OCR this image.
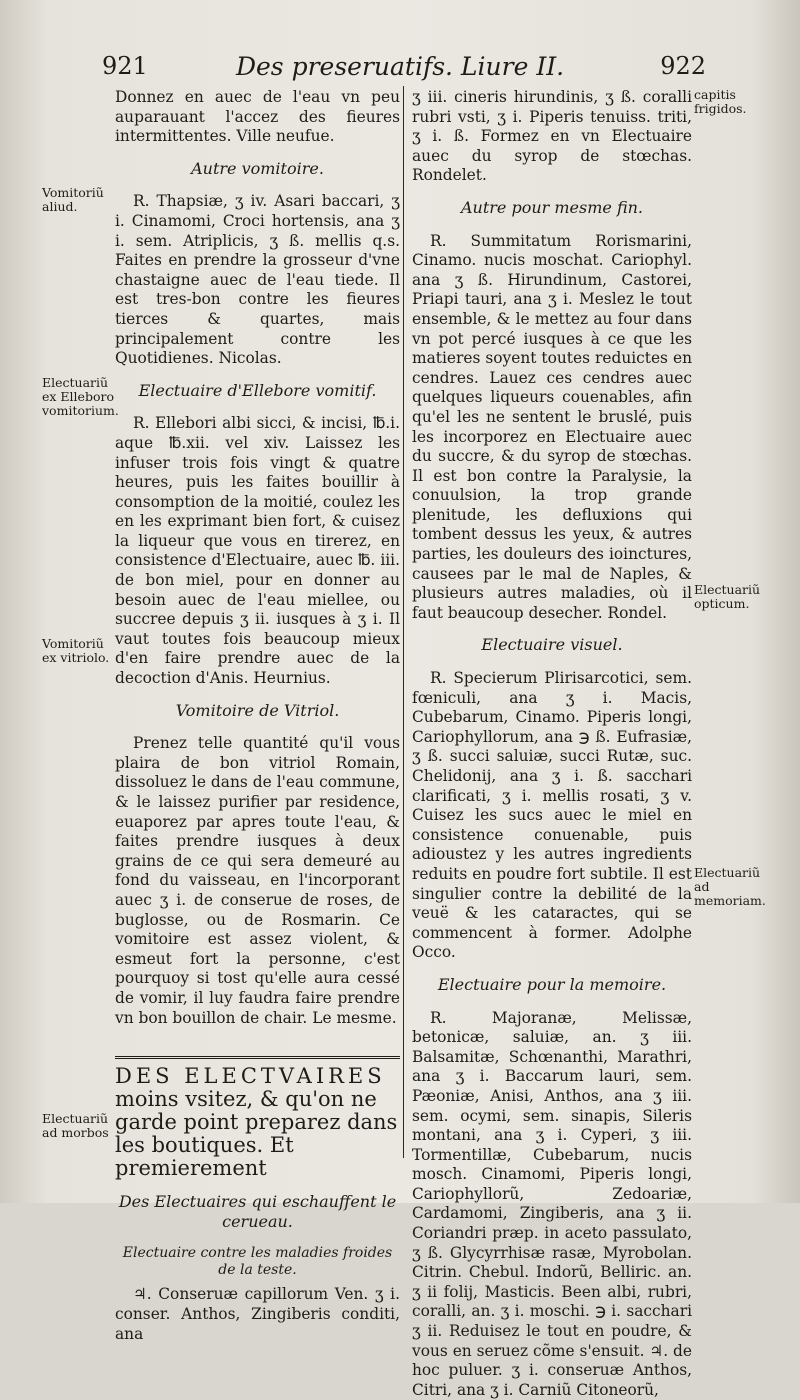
921	Des preseruatifs. Liure II.	922

Donnez en auec de l'eau vn peu auparauant l'accez des fieures intermittentes. Ville neufue.

Autre vomitoire.

R. Thapsiæ, ʒ iv. Asari baccari, ʒ i. Cinamomi, Croci hortensis, ana ʒ i. sem. Atriplicis, ʒ ß. mellis q.s. Faites en prendre la grosseur d'vne chastaigne auec de l'eau tiede. Il est tres-bon contre les fieures tierces & quartes, mais principalement contre les Quotidienes. Nicolas.

Electuaire d'Ellebore vomitif.

R. Ellebori albi sicci, & incisi, ℔.i. aque ℔.xii. vel xiv. Laissez les infuser trois fois vingt & quatre heures, puis les faites bouillir à consomption de la moitié, coulez les en les exprimant bien fort, & cuisez la liqueur que vous en tirerez, en consistence d'Electuaire, auec ℔. iii. de bon miel, pour en donner au besoin auec de l'eau miellee, ou succree depuis ʒ ii. iusques à ʒ i. Il vaut toutes fois beaucoup mieux d'en faire prendre auec de la decoction d'Anis. Heurnius.

Vomitoire de Vitriol.

Prenez telle quantité qu'il vous plaira de bon vitriol Romain, dissoluez le dans de l'eau commune, & le laissez purifier par residence, euaporez par apres toute l'eau, & faites prendre iusques à deux grains de ce qui sera demeuré au fond du vaisseau, en l'incorporant auec ʒ i. de conserue de roses, de buglosse, ou de Rosmarin. Ce vomitoire est assez violent, & esmeut fort la personne, c'est pourquoy si tost qu'elle aura cessé de vomir, il luy faudra faire prendre vn bon bouillon de chair. Le mesme.

DES ELECTVAIRES
moins vsitez, & qu'on ne garde point preparez dans les boutiques. Et premierement
Des Electuaires qui eschauffent le cerueau.
Electuaire contre les maladies froides de la teste.

♃. Conseruæ capillorum Ven. ʒ i. conser. Anthos, Zingiberis conditi, ana

ʒ iii. cineris hirundinis, ʒ ß. coralli rubri vsti, ʒ i. Piperis tenuiss. triti, ʒ i. ß. Formez en vn Electuaire auec du syrop de stœchas. Rondelet.

Autre pour mesme fin.

R. Summitatum Rorismarini, Cinamo. nucis moschat. Cariophyl. ana ʒ ß. Hirundinum, Castorei, Priapi tauri, ana ʒ i. Meslez le tout ensemble, & le mettez au four dans vn pot percé iusques à ce que les matieres soyent toutes reduictes en cendres. Lauez ces cendres auec quelques liqueurs couenables, afin qu'el les ne sentent le bruslé, puis les incorporez en Electuaire auec du succre, & du syrop de stœchas. Il est bon contre la Paralysie, la conuulsion, la trop grande plenitude, les defluxions qui tombent dessus les yeux, & autres parties, les douleurs des ioinctures, causees par le mal de Naples, & plusieurs autres maladies, où il faut beaucoup desecher. Rondel.

Electuaire visuel.

R. Specierum Plirisarcotici, sem. fœniculi, ana ʒ i. Macis, Cubebarum, Cinamo. Piperis longi, Cariophyllorum, ana ℈ ß. Eufrasiæ, ʒ ß. succi saluiæ, succi Rutæ, suc. Chelidonij, ana ʒ i. ß. sacchari clarificati, ʒ i. mellis rosati, ʒ v. Cuisez les sucs auec le miel en consistence conuenable, puis adioustez y les autres ingredients reduits en poudre fort subtile. Il est singulier contre la debilité de la veuë & les cataractes, qui se commencent à former. Adolphe Occo.

Electuaire pour la memoire.

R. Majoranæ, Melissæ, betonicæ, saluiæ, an. ʒ iii. Balsamitæ, Schœnanthi, Marathri, ana ʒ i. Baccarum lauri, sem. Pæoniæ, Anisi, Anthos, ana ʒ iii. sem. ocymi, sem. sinapis, Sileris montani, ana ʒ i. Cyperi, ʒ iii. Tormentillæ, Cubebarum, nucis mosch. Cinamomi, Piperis longi, Cariophyllorũ, Zedoariæ, Cardamomi, Zingiberis, ana ʒ ii. Coriandri præp. in aceto passulato, ʒ ß. Glycyrrhisæ rasæ, Myrobolan. Citrin. Chebul. Indorũ, Belliric. an. ʒ ii folij, Masticis. Been albi, rubri, coralli, an. ʒ i. moschi. ℈ i. sacchari ʒ ii. Reduisez le tout en poudre, & vous en seruez cõme s'ensuit. ♃. de hoc puluer. ʒ i. conseruæ Anthos, Citri, ana ʒ i. Carniũ Citoneorũ,

capitis frigidos.
Vomitoriũ aliud.
Electuariũ ex Elleboro vomitorium.
Vomitoriũ ex vitriolo.
Electuariũ opticum.
Electuariũ ad memoriam.
Electuariũ ad morbos
